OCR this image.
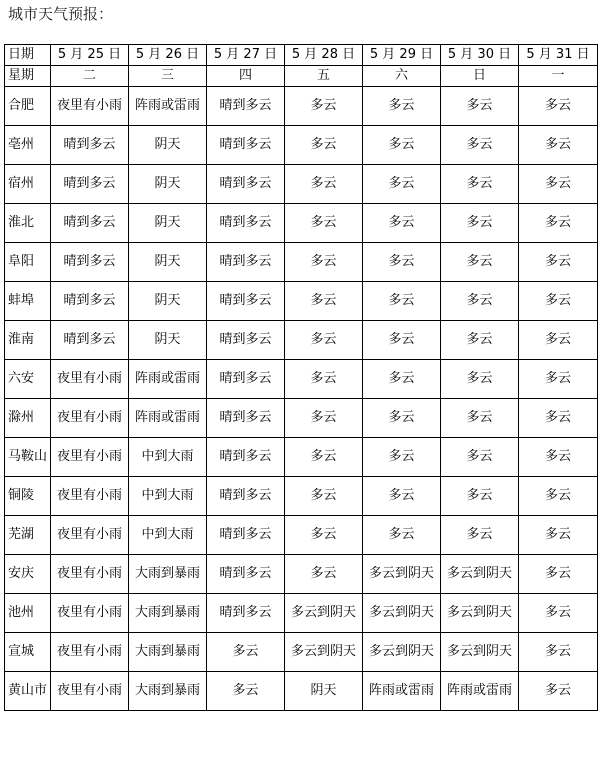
城市天气预报：
日期	5 月 25 日	5 月 26 日	5 月 27 日	5 月 28 日	5 月 29 日	5 月 30 日	5 月 31 日
星期	二	三	四	五	六	日	一
合肥	夜里有小雨	阵雨或雷雨	晴到多云	多云	多云	多云	多云
亳州	晴到多云	阴天	晴到多云	多云	多云	多云	多云
宿州	晴到多云	阴天	晴到多云	多云	多云	多云	多云
淮北	晴到多云	阴天	晴到多云	多云	多云	多云	多云
阜阳	晴到多云	阴天	晴到多云	多云	多云	多云	多云
蚌埠	晴到多云	阴天	晴到多云	多云	多云	多云	多云
淮南	晴到多云	阴天	晴到多云	多云	多云	多云	多云
六安	夜里有小雨	阵雨或雷雨	晴到多云	多云	多云	多云	多云
滁州	夜里有小雨	阵雨或雷雨	晴到多云	多云	多云	多云	多云
马鞍山	夜里有小雨	中到大雨	晴到多云	多云	多云	多云	多云
铜陵	夜里有小雨	中到大雨	晴到多云	多云	多云	多云	多云
芜湖	夜里有小雨	中到大雨	晴到多云	多云	多云	多云	多云
安庆	夜里有小雨	大雨到暴雨	晴到多云	多云	多云到阴天	多云到阴天	多云
池州	夜里有小雨	大雨到暴雨	晴到多云	多云到阴天	多云到阴天	多云到阴天	多云
宣城	夜里有小雨	大雨到暴雨	多云	多云到阴天	多云到阴天	多云到阴天	多云
黄山市	夜里有小雨	大雨到暴雨	多云	阴天	阵雨或雷雨	阵雨或雷雨	多云
